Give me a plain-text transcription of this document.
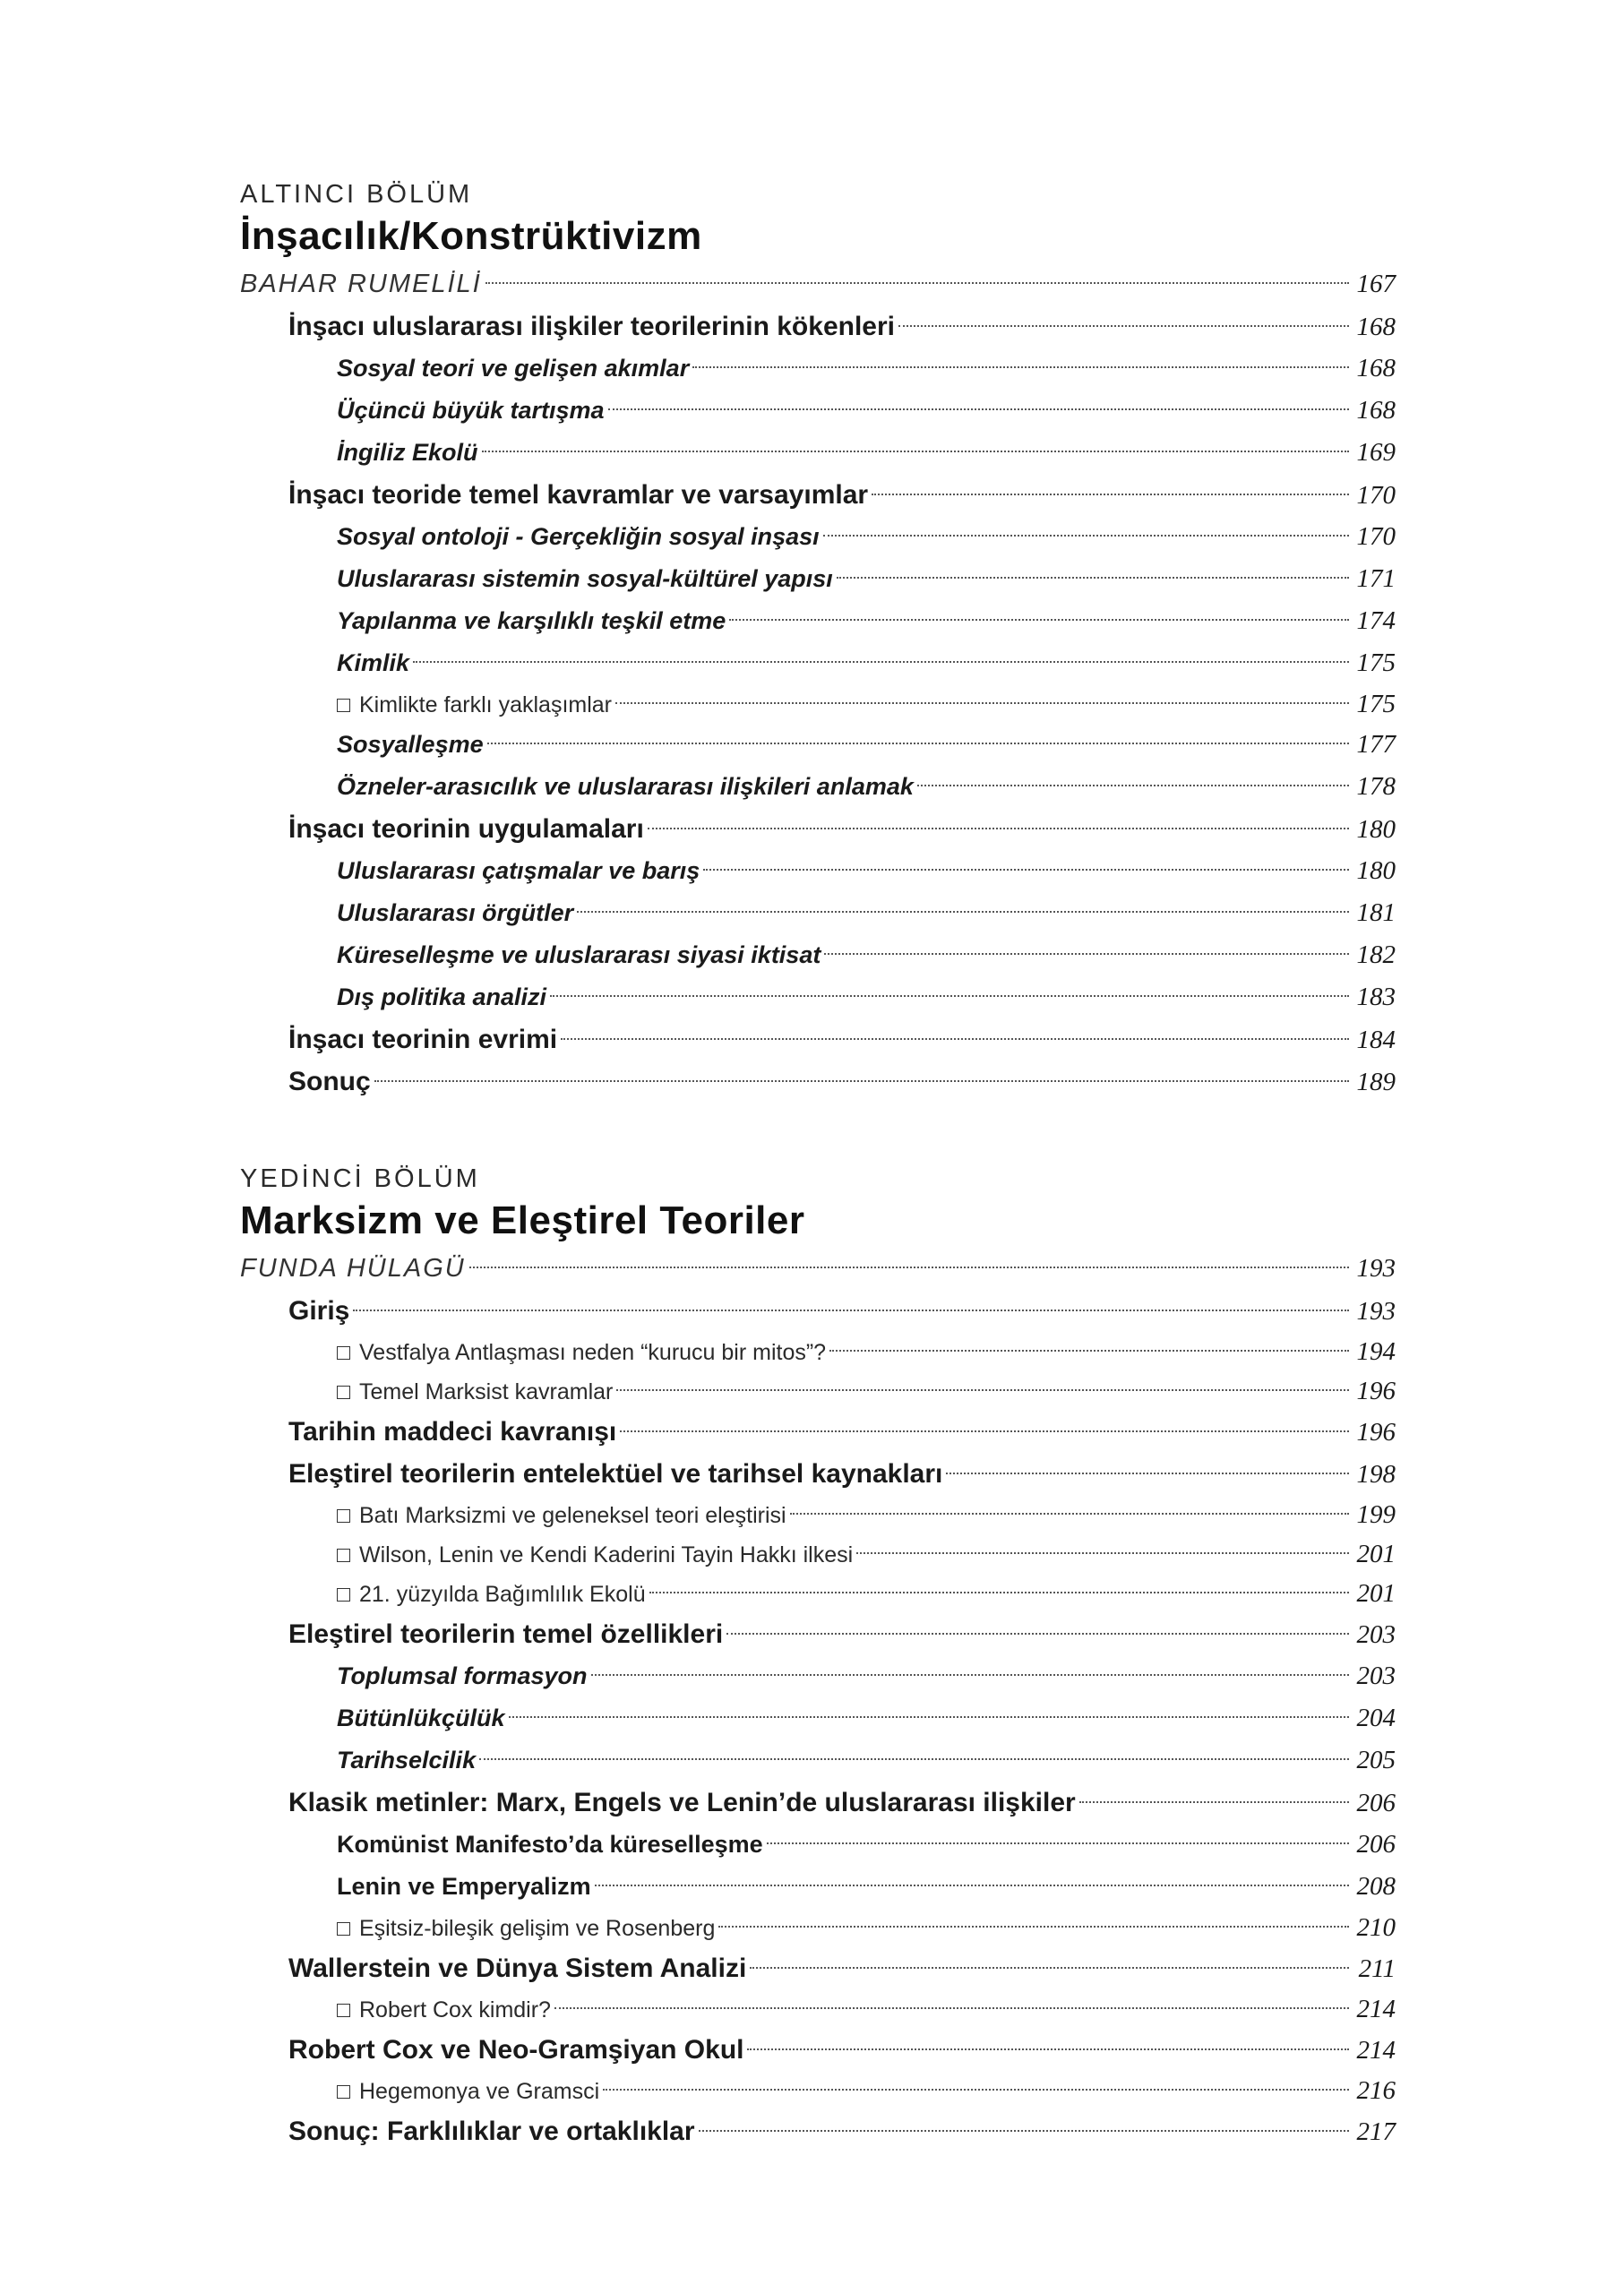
ALTINCI BÖLÜM
İnşacılık/Konstrüktivizm
BAHAR RUMELİLİ	167
İnşacı uluslararası ilişkiler teorilerinin kökenleri	168
Sosyal teori ve gelişen akımlar	168
Üçüncü büyük tartışma	168
İngiliz Ekolü	169
İnşacı teoride temel kavramlar ve varsayımlar	170
Sosyal ontoloji - Gerçekliğin sosyal inşası	170
Uluslararası sistemin sosyal-kültürel yapısı	171
Yapılanma ve karşılıklı teşkil etme	174
Kimlik	175
Kimlikte farklı yaklaşımlar	175
Sosyalleşme	177
Özneler-arasıcılık ve uluslararası ilişkileri anlamak	178
İnşacı teorinin uygulamaları	180
Uluslararası çatışmalar ve barış	180
Uluslararası örgütler	181
Küreselleşme ve uluslararası siyasi iktisat	182
Dış politika analizi	183
İnşacı teorinin evrimi	184
Sonuç	189
YEDİNCİ BÖLÜM
Marksizm ve Eleştirel Teoriler
FUNDA HÜLAGÜ	193
Giriş	193
Vestfalya Antlaşması neden “kurucu bir mitos”?	194
Temel Marksist kavramlar	196
Tarihin maddeci kavranışı	196
Eleştirel teorilerin entelektüel ve tarihsel kaynakları	198
Batı Marksizmi ve geleneksel teori eleştirisi	199
Wilson, Lenin ve Kendi Kaderini Tayin Hakkı ilkesi	201
21. yüzyılda Bağımlılık Ekolü	201
Eleştirel teorilerin temel özellikleri	203
Toplumsal formasyon	203
Bütünlükçülük	204
Tarihselcilik	205
Klasik metinler: Marx, Engels ve Lenin’de uluslararası ilişkiler	206
Komünist Manifesto’da küreselleşme	206
Lenin ve Emperyalizm	208
Eşitsiz-bileşik gelişim ve Rosenberg	210
Wallerstein ve Dünya Sistem Analizi	211
Robert Cox kimdir?	214
Robert Cox ve Neo-Gramşiyan Okul	214
Hegemonya ve Gramsci	216
Sonuç: Farklılıklar ve ortaklıklar	217
